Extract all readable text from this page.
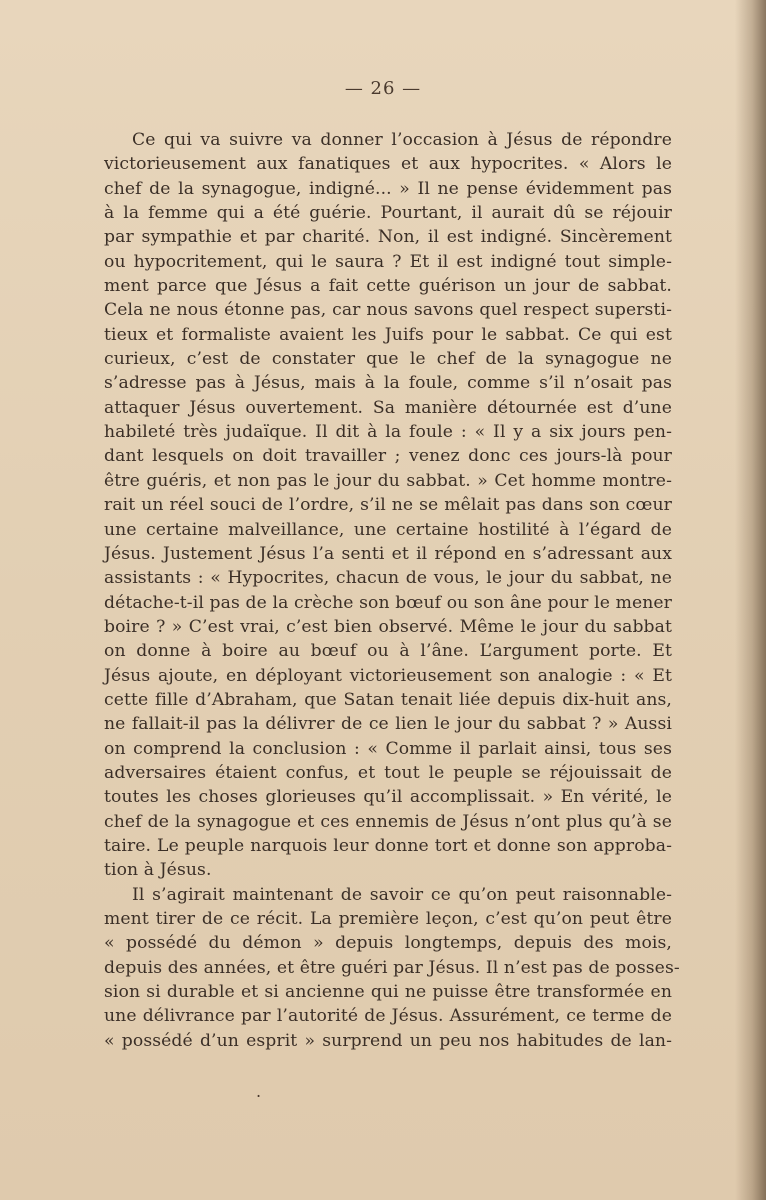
— 26 —
Ce qui va suivre va donner l’occasion à Jésus de répondre
victorieusement aux fanatiques et aux hypocrites. « Alors le
chef de la synagogue, indigné... » Il ne pense évidemment pas
à la femme qui a été guérie. Pourtant, il aurait dû se réjouir
par sympathie et par charité. Non, il est indigné. Sincèrement
ou hypocritement, qui le saura ? Et il est indigné tout simple-
ment parce que Jésus a fait cette guérison un jour de sabbat.
Cela ne nous étonne pas, car nous savons quel respect supersti-
tieux et formaliste avaient les Juifs pour le sabbat. Ce qui est
curieux, c’est de constater que le chef de la synagogue ne
s’adresse pas à Jésus, mais à la foule, comme s’il n’osait pas
attaquer Jésus ouvertement. Sa manière détournée est d’une
habileté très judaïque. Il dit à la foule : « Il y a six jours pen-
dant lesquels on doit travailler ; venez donc ces jours-là pour
être guéris, et non pas le jour du sabbat. » Cet homme montre-
rait un réel souci de l’ordre, s’il ne se mêlait pas dans son cœur
une certaine malveillance, une certaine hostilité à l’égard de
Jésus. Justement Jésus l’a senti et il répond en s’adressant aux
assistants : « Hypocrites, chacun de vous, le jour du sabbat, ne
détache-t-il pas de la crèche son bœuf ou son âne pour le mener
boire ? » C’est vrai, c’est bien observé. Même le jour du sabbat
on donne à boire au bœuf ou à l’âne. L’argument porte. Et
Jésus ajoute, en déployant victorieusement son analogie : « Et
cette fille d’Abraham, que Satan tenait liée depuis dix-huit ans,
ne fallait-il pas la délivrer de ce lien le jour du sabbat ? » Aussi
on comprend la conclusion : « Comme il parlait ainsi, tous ses
adversaires étaient confus, et tout le peuple se réjouissait de
toutes les choses glorieuses qu’il accomplissait. » En vérité, le
chef de la synagogue et ces ennemis de Jésus n’ont plus qu’à se
taire. Le peuple narquois leur donne tort et donne son approba-
tion à Jésus.
Il s’agirait maintenant de savoir ce qu’on peut raisonnable-
ment tirer de ce récit. La première leçon, c’est qu’on peut être
« possédé du démon » depuis longtemps, depuis des mois,
depuis des années, et être guéri par Jésus. Il n’est pas de posses-
sion si durable et si ancienne qui ne puisse être transformée en
une délivrance par l’autorité de Jésus. Assurément, ce terme de
« possédé d’un esprit » surprend un peu nos habitudes de lan-
.
